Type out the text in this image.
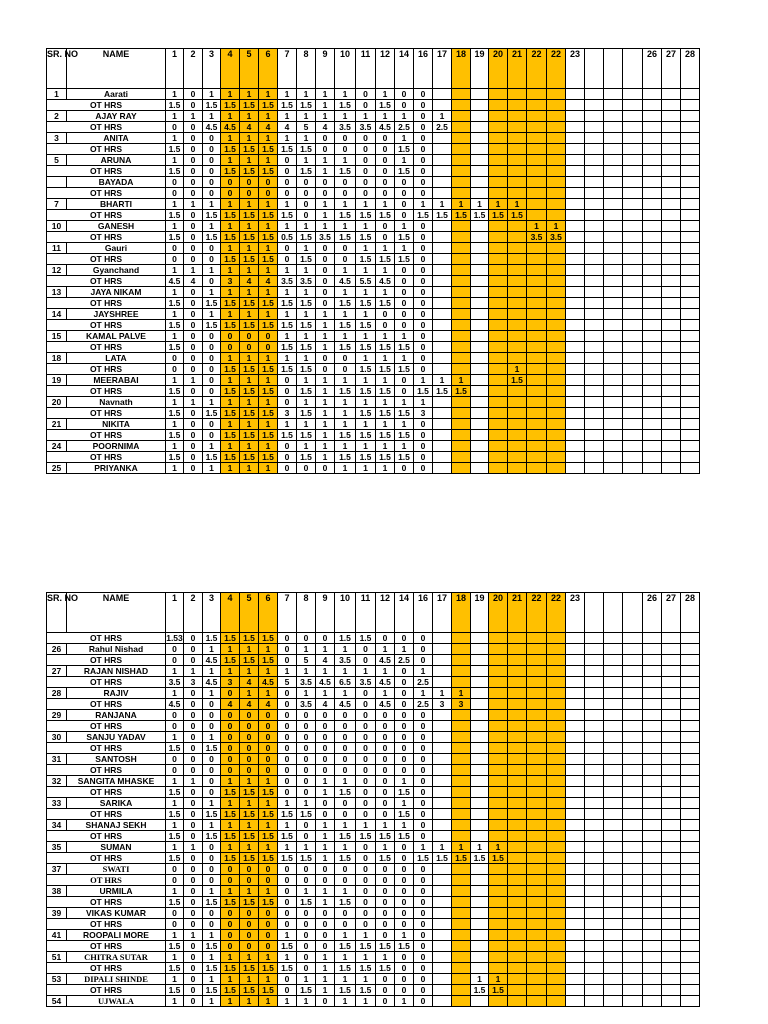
SR. NO	NAME	1	2	3	4	5	6	7	8	9	10	11	12	14	16	17	18	19	20	21	22	22	23				26	27	28
1	Aarati	1	0	1	1	1	1	1	1	1	1	0	1	0	0														
OT HRS		1.5	0	1.5	1.5	1.5	1.5	1.5	1.5	1	1.5	0	1.5	0	0														
2	AJAY RAY	1	1	1	1	1	1	1	1	1	1	1	1	1	0	1													
OT HRS		0	0	4.5	4.5	4	4	4	5	4	3.5	3.5	4.5	2.5	0	2.5													
3	ANITA	1	0	0	1	1	1	1	1	0	0	0	0	1	0														
OT HRS		1.5	0	0	1.5	1.5	1.5	1.5	1.5	0	0	0	0	1.5	0														
5	ARUNA	1	0	0	1	1	1	0	1	1	1	0	0	1	0														
OT HRS		1.5	0	0	1.5	1.5	1.5	0	1.5	1	1.5	0	0	1.5	0														
	BAYADA	0	0	0	0	0	0	0	0	0	0	0	0	0	0														
OT HRS		0	0	0	0	0	0	0	0	0	0	0	0	0	0														
7	BHARTI	1	1	1	1	1	1	1	0	1	1	1	1	0	1	1	1	1	1	1									
OT HRS		1.5	0	1.5	1.5	1.5	1.5	1.5	0	1	1.5	1.5	1.5	0	1.5	1.5	1.5	1.5	1.5	1.5									
10	GANESH	1	0	1	1	1	1	1	1	1	1	1	0	1	0						1	1							
OT HRS		1.5	0	1.5	1.5	1.5	1.5	0.5	1.5	3.5	1.5	1.5	0	1.5	0						3.5	3.5							
11	Gauri	0	0	0	1	1	1	0	1	0	0	1	1	1	0														
OT HRS		0	0	0	1.5	1.5	1.5	0	1.5	0	0	1.5	1.5	1.5	0														
12	Gyanchand	1	1	1	1	1	1	1	1	0	1	1	1	0	0														
OT HRS		4.5	4	0	3	4	4	3.5	3.5	0	4.5	5.5	4.5	0	0														
13	JAYA NIKAM	1	0	1	1	1	1	1	1	0	1	1	1	0	0														
OT HRS		1.5	0	1.5	1.5	1.5	1.5	1.5	1.5	0	1.5	1.5	1.5	0	0														
14	JAYSHREE	1	0	1	1	1	1	1	1	1	1	1	0	0	0														
OT HRS		1.5	0	1.5	1.5	1.5	1.5	1.5	1.5	1	1.5	1.5	0	0	0														
15	KAMAL PALVE	1	0	0	0	0	0	1	1	1	1	1	1	1	0														
OT HRS		1.5	0	0	0	0	0	1.5	1.5	1	1.5	1.5	1.5	1.5	0														
18	LATA	0	0	0	1	1	1	1	1	0	0	1	1	1	0														
OT HRS		0	0	0	1.5	1.5	1.5	1.5	1.5	0	0	1.5	1.5	1.5	0					1									
19	MEERABAI	1	1	0	1	1	1	0	1	1	1	1	1	0	1	1	1			1.5									
OT HRS		1.5	0	0	1.5	1.5	1.5	0	1.5	1	1.5	1.5	1.5	0	1.5	1.5	1.5												
20	Navnath	1	1	1	1	1	1	0	1	1	1	1	1	1	1														
OT HRS		1.5	0	1.5	1.5	1.5	1.5	3	1.5	1	1	1.5	1.5	1.5	3														
21	NIKITA	1	0	0	1	1	1	1	1	1	1	1	1	1	0														
OT HRS		1.5	0	0	1.5	1.5	1.5	1.5	1.5	1	1.5	1.5	1.5	1.5	0														
24	POORNIMA	1	0	1	1	1	1	0	1	1	1	1	1	1	0														
OT HRS		1.5	0	1.5	1.5	1.5	1.5	0	1.5	1	1.5	1.5	1.5	1.5	0														
25	PRIYANKA	1	0	1	1	1	1	0	0	0	1	1	1	0	0														
SR. NO	NAME	1	2	3	4	5	6	7	8	9	10	11	12	14	16	17	18	19	20	21	22	22	23				26	27	28
OT HRS		1.53	0	1.5	1.5	1.5	1.5	0	0	0	1.5	1.5	0	0	0														
26	Rahul Nishad	0	0	1	1	1	1	0	1	1	1	0	1	1	0														
OT HRS		0	0	4.5	1.5	1.5	1.5	0	5	4	3.5	0	4.5	2.5	0														
27	RAJAN NISHAD	1	1	1	1	1	1	1	1	1	1	1	1	0	1														
OT HRS		3.5	3	4.5	3	4	4.5	5	3.5	4.5	6.5	3.5	4.5	0	2.5														
28	RAJIV	1	0	1	0	1	1	0	1	1	1	0	1	0	1	1	1												
OT HRS		4.5	0	0	4	4	4	0	3.5	4	4.5	0	4.5	0	2.5	3	3												
29	RANJANA	0	0	0	0	0	0	0	0	0	0	0	0	0	0														
OT HRS		0	0	0	0	0	0	0	0	0	0	0	0	0	0														
30	SANJU YADAV	1	0	1	0	0	0	0	0	0	0	0	0	0	0														
OT HRS		1.5	0	1.5	0	0	0	0	0	0	0	0	0	0	0														
31	SANTOSH	0	0	0	0	0	0	0	0	0	0	0	0	0	0														
OT HRS		0	0	0	0	0	0	0	0	0	0	0	0	0	0														
32	SANGITA MHASKE	1	1	0	1	1	1	0	0	1	1	0	0	1	0														
OT HRS		1.5	0	0	1.5	1.5	1.5	0	0	1	1.5	0	0	1.5	0														
33	SARIKA	1	0	1	1	1	1	1	1	0	0	0	0	1	0														
OT HRS		1.5	0	1.5	1.5	1.5	1.5	1.5	1.5	0	0	0	0	1.5	0														
34	SHANAJ SEKH	1	0	1	1	1	1	1	0	1	1	1	1	1	0														
OT HRS		1.5	0	1.5	1.5	1.5	1.5	1.5	0	1	1.5	1.5	1.5	1.5	0														
35	SUMAN	1	1	0	1	1	1	1	1	1	1	0	1	0	1	1	1	1	1										
OT HRS		1.5	0	0	1.5	1.5	1.5	1.5	1.5	1	1.5	0	1.5	0	1.5	1.5	1.5	1.5	1.5										
37	SWATI	0	0	0	0	0	0	0	0	0	0	0	0	0	0														
OT HRS		0	0	0	0	0	0	0	0	0	0	0	0	0	0														
38	URMILA	1	0	1	1	1	1	0	1	1	1	0	0	0	0														
OT HRS		1.5	0	1.5	1.5	1.5	1.5	0	1.5	1	1.5	0	0	0	0														
39	VIKAS KUMAR	0	0	0	0	0	0	0	0	0	0	0	0	0	0														
OT HRS		0	0	0	0	0	0	0	0	0	0	0	0	0	0														
41	ROOPALI MORE	1	1	1	0	0	0	1	0	0	1	1	0	1	0														
OT HRS		1.5	0	1.5	0	0	0	1.5	0	0	1.5	1.5	1.5	1.5	0														
51	CHITRA SUTAR	1	0	1	1	1	1	1	0	1	1	1	1	0	0														
OT HRS		1.5	0	1.5	1.5	1.5	1.5	1.5	0	1	1.5	1.5	1.5	0	0														
53	DIPALI SHINDE	1	0	1	1	1	1	0	1	1	1	1	0	0	0			1	1										
OT HRS		1.5	0	1.5	1.5	1.5	1.5	0	1.5	1	1.5	1.5	0	0	0			1.5	1.5										
54	UJWALA	1	0	1	1	1	1	1	1	0	1	1	0	1	0														
